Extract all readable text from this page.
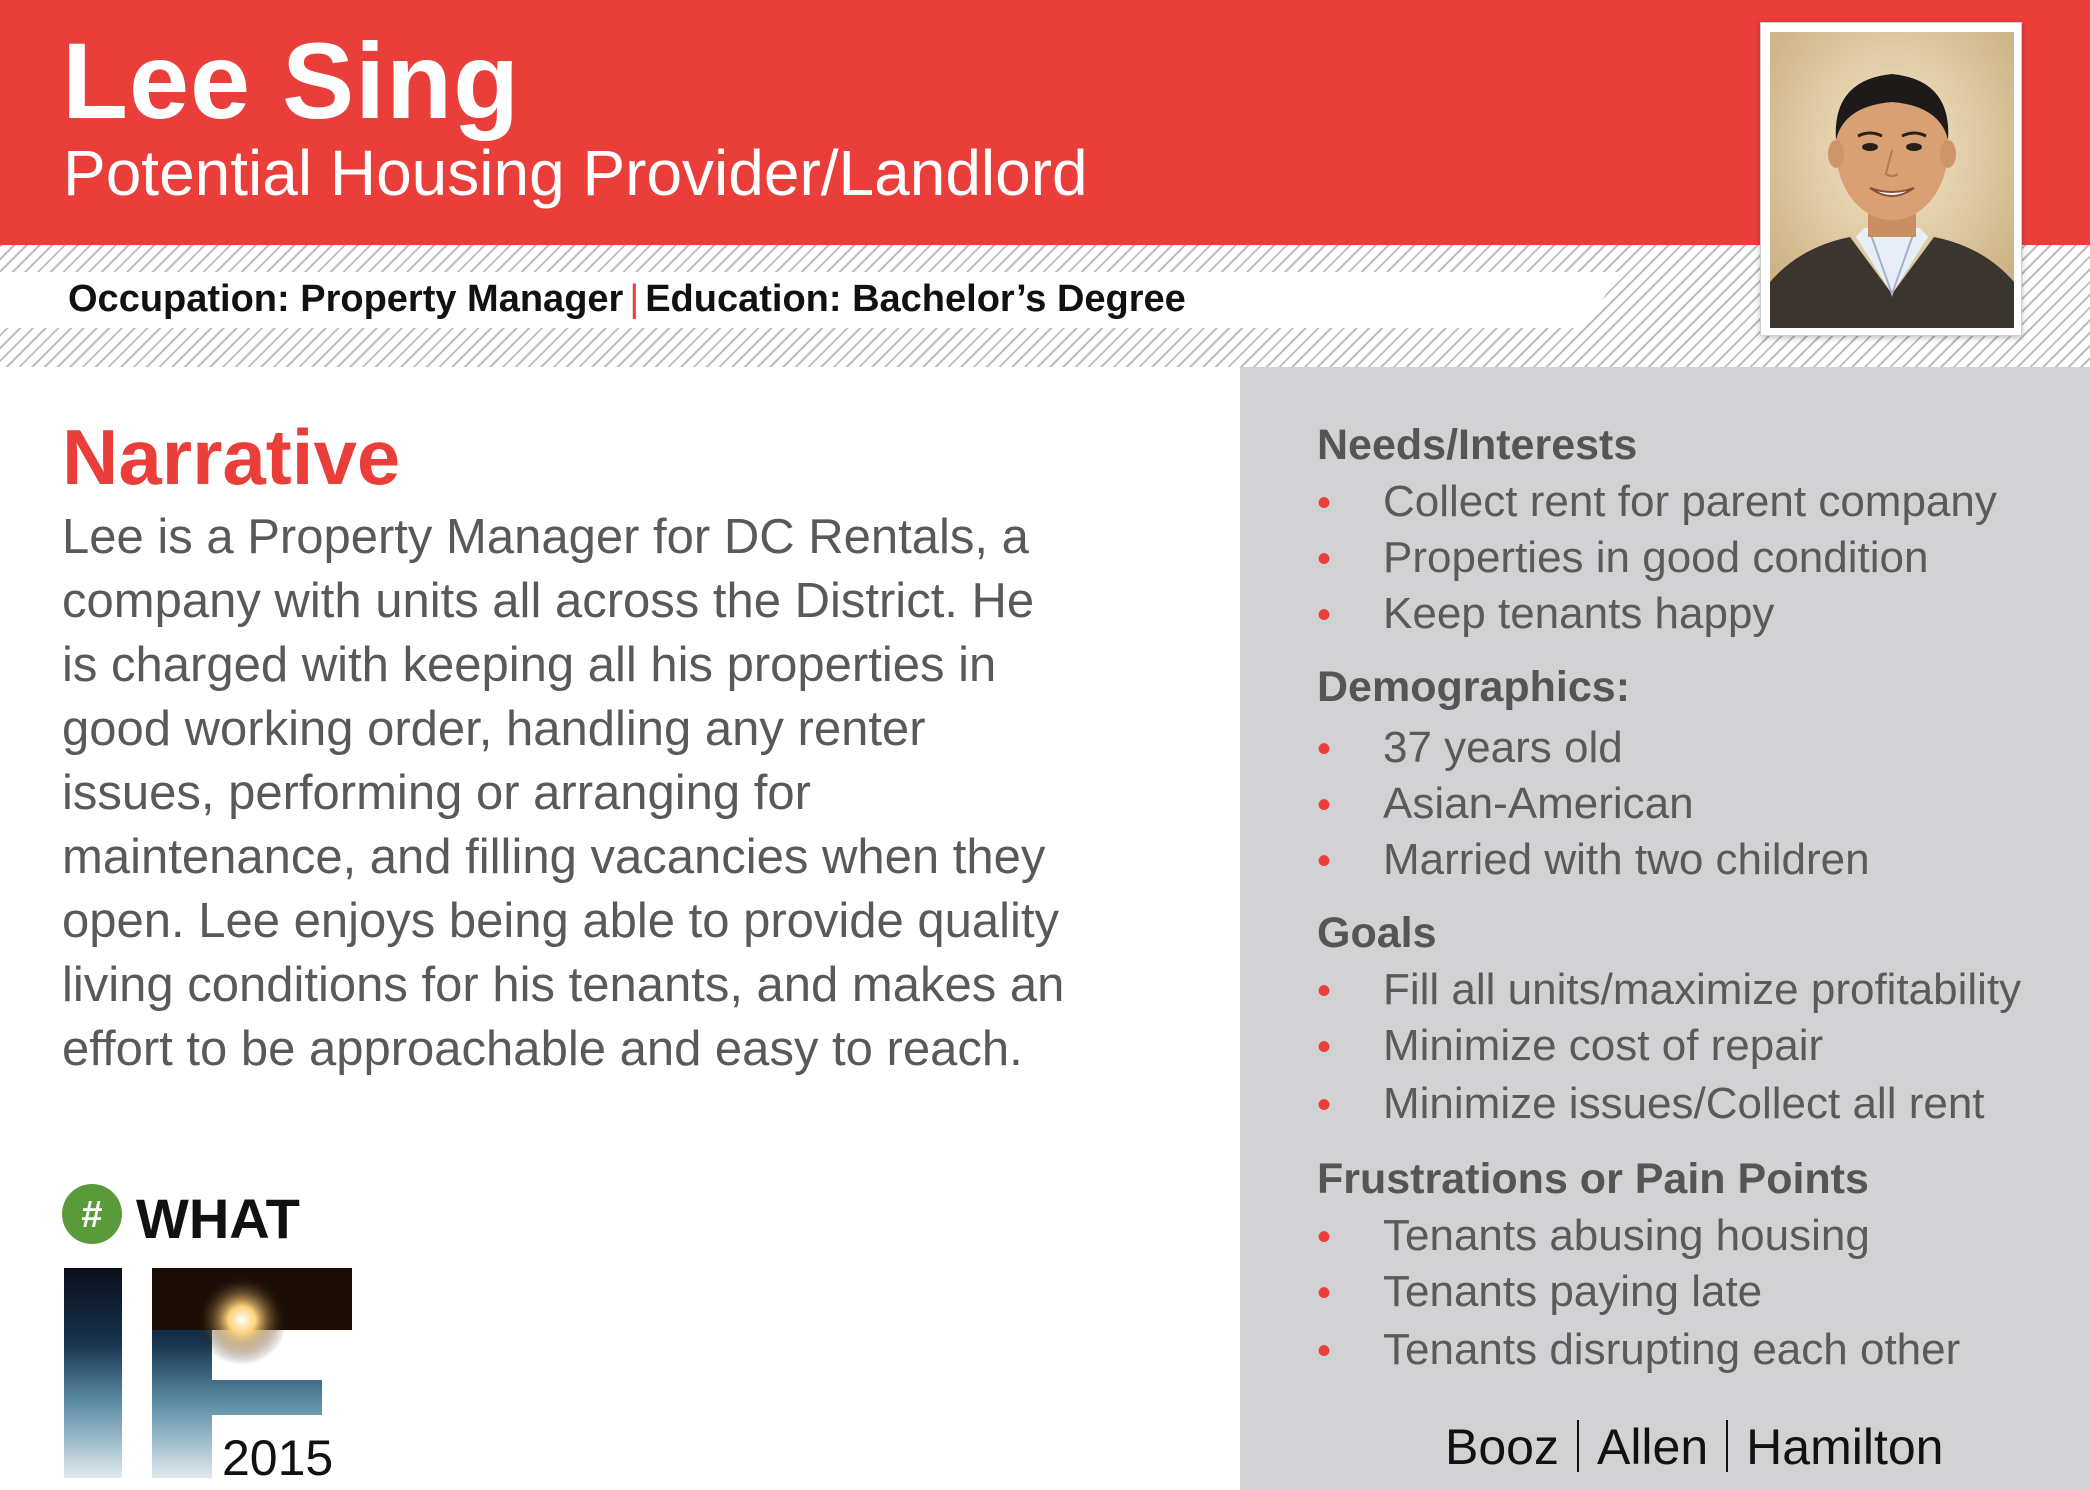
Lee Sing
Potential Housing Provider/Landlord
Occupation: Property Manager | Education: Bachelor’s Degree
Narrative
Lee is a Property Manager for DC Rentals, a
company with units all across the District. He
is charged with keeping all his properties in
good working order, handling any renter
issues, performing or arranging for
maintenance, and filling vacancies when they
open. Lee enjoys being able to provide quality
living conditions for his tenants, and makes an
effort to be approachable and easy to reach.
Needs/Interests
• Collect rent for parent company
• Properties in good condition
• Keep tenants happy
Demographics:
• 37 years old
• Asian-American
• Married with two children
Goals
• Fill all units/maximize profitability
• Minimize cost of repair
• Minimize issues/Collect all rent
Frustrations or Pain Points
• Tenants abusing housing
• Tenants paying late
• Tenants disrupting each other
Booz Allen Hamilton
# WHAT
2015
